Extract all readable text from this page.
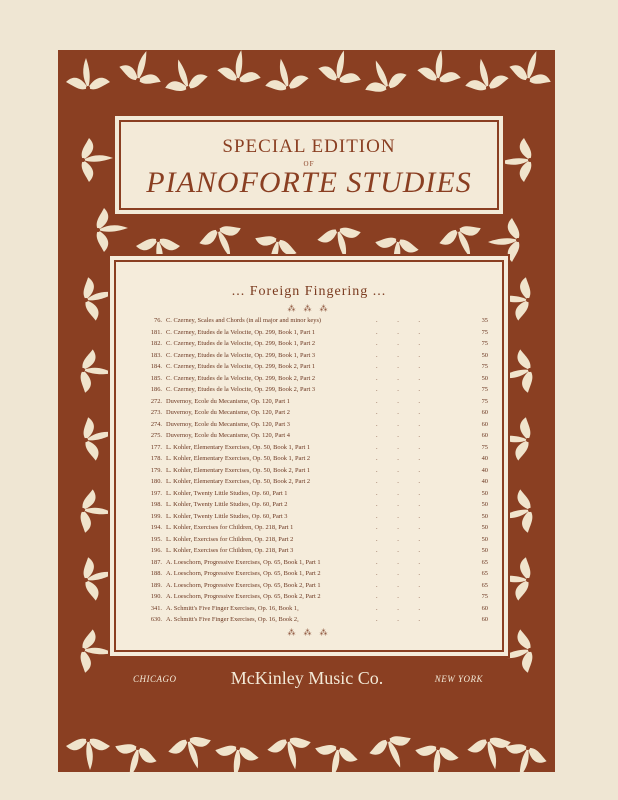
SPECIAL EDITION
OF
PIANOFORTE STUDIES
... Foreign Fingering ...
⁂ ⁂ ⁂
76. C. Czerney, Scales and Chords (in all major and minor keys)	. . .	35
181. C. Czerney, Etudes de la Velocite, Op. 299, Book 1, Part 1	. . .	75
182. C. Czerney, Etudes de la Velocite, Op. 299, Book 1, Part 2	. . .	75
183. C. Czerney, Etudes de la Velocite, Op. 299, Book 1, Part 3	. . .	50
184. C. Czerney, Etudes de la Velocite, Op. 299, Book 2, Part 1	. . .	75
185. C. Czerney, Etudes de la Velocite, Op. 299, Book 2, Part 2	. . .	50
186. C. Czerney, Etudes de la Velocite, Op. 299, Book 2, Part 3	. . .	75
272. Duvernoy, Ecole du Mecanisme, Op. 120, Part 1	. . .	75
273. Duvernoy, Ecole du Mecanisme, Op. 120, Part 2	. . .	60
274. Duvernoy, Ecole du Mecanisme, Op. 120, Part 3	. . .	60
275. Duvernoy, Ecole du Mecanisme, Op. 120, Part 4	. . .	60
177. L. Kohler, Elementary Exercises, Op. 50, Book 1, Part 1	. . .	75
178. L. Kohler, Elementary Exercises, Op. 50, Book 1, Part 2	. . .	40
179. L. Kohler, Elementary Exercises, Op. 50, Book 2, Part 1	. . .	40
180. L. Kohler, Elementary Exercises, Op. 50, Book 2, Part 2	. . .	40
197. L. Kohler, Twenty Little Studies, Op. 60, Part 1	. . .	50
198. L. Kohler, Twenty Little Studies, Op. 60, Part 2	. . .	50
199. L. Kohler, Twenty Little Studies, Op. 60, Part 3	. . .	50
194. L. Kohler, Exercises for Children, Op. 218, Part 1	. . .	50
195. L. Kohler, Exercises for Children, Op. 218, Part 2	. . .	50
196. L. Kohler, Exercises for Children, Op. 218, Part 3	. . .	50
187. A. Loeschorn, Progressive Exercises, Op. 65, Book 1, Part 1	. . .	65
188. A. Loeschorn, Progressive Exercises, Op. 65, Book 1, Part 2	. . .	65
189. A. Loeschorn, Progressive Exercises, Op. 65, Book 2, Part 1	. . .	65
190. A. Loeschorn, Progressive Exercises, Op. 65, Book 2, Part 2	. . .	75
341. A. Schmitt's Five Finger Exercises, Op. 16, Book 1,	. . .	60
630. A. Schmitt's Five Finger Exercises, Op. 16, Book 2,	. . .	60
⁂ ⁂ ⁂
CHICAGO	McKinley Music Co.	NEW YORK
